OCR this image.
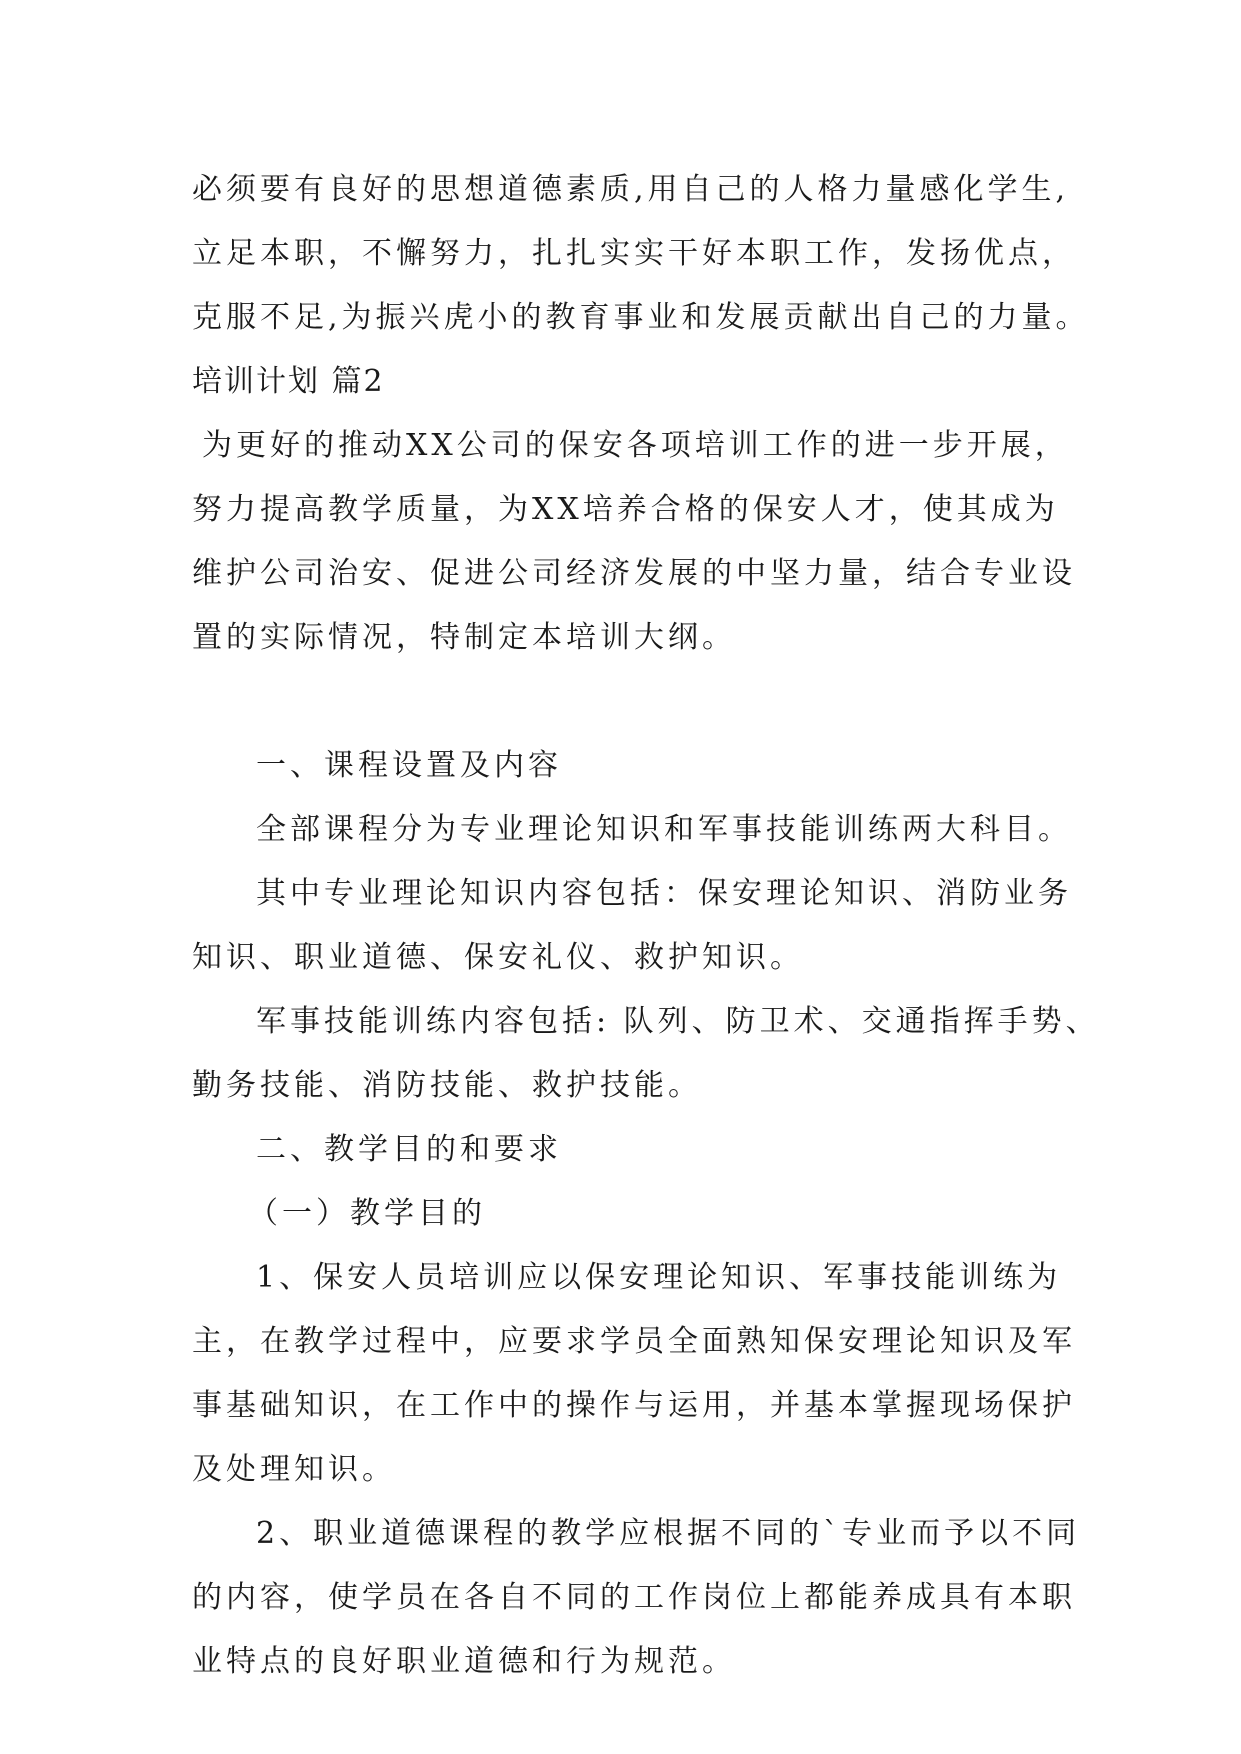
必须要有良好的思想道德素质,用自己的人格力量感化学生,
立足本职，不懈努力，扎扎实实干好本职工作，发扬优点，
克服不足,为振兴虎小的教育事业和发展贡献出自己的力量。
培训计划 篇2
为更好的推动XX公司的保安各项培训工作的进一步开展，
努力提高教学质量，为XX培养合格的保安人才，使其成为
维护公司治安、促进公司经济发展的中坚力量，结合专业设
置的实际情况，特制定本培训大纲。
一、课程设置及内容
全部课程分为专业理论知识和军事技能训练两大科目。
其中专业理论知识内容包括：保安理论知识、消防业务
知识、职业道德、保安礼仪、救护知识。
军事技能训练内容包括: 队列、防卫术、交通指挥手势、
勤务技能、消防技能、救护技能。
二、教学目的和要求
（一）教学目的
1、保安人员培训应以保安理论知识、军事技能训练为
主，在教学过程中，应要求学员全面熟知保安理论知识及军
事基础知识，在工作中的操作与运用，并基本掌握现场保护
及处理知识。
2、职业道德课程的教学应根据不同的`专业而予以不同
的内容，使学员在各自不同的工作岗位上都能养成具有本职
业特点的良好职业道德和行为规范。
